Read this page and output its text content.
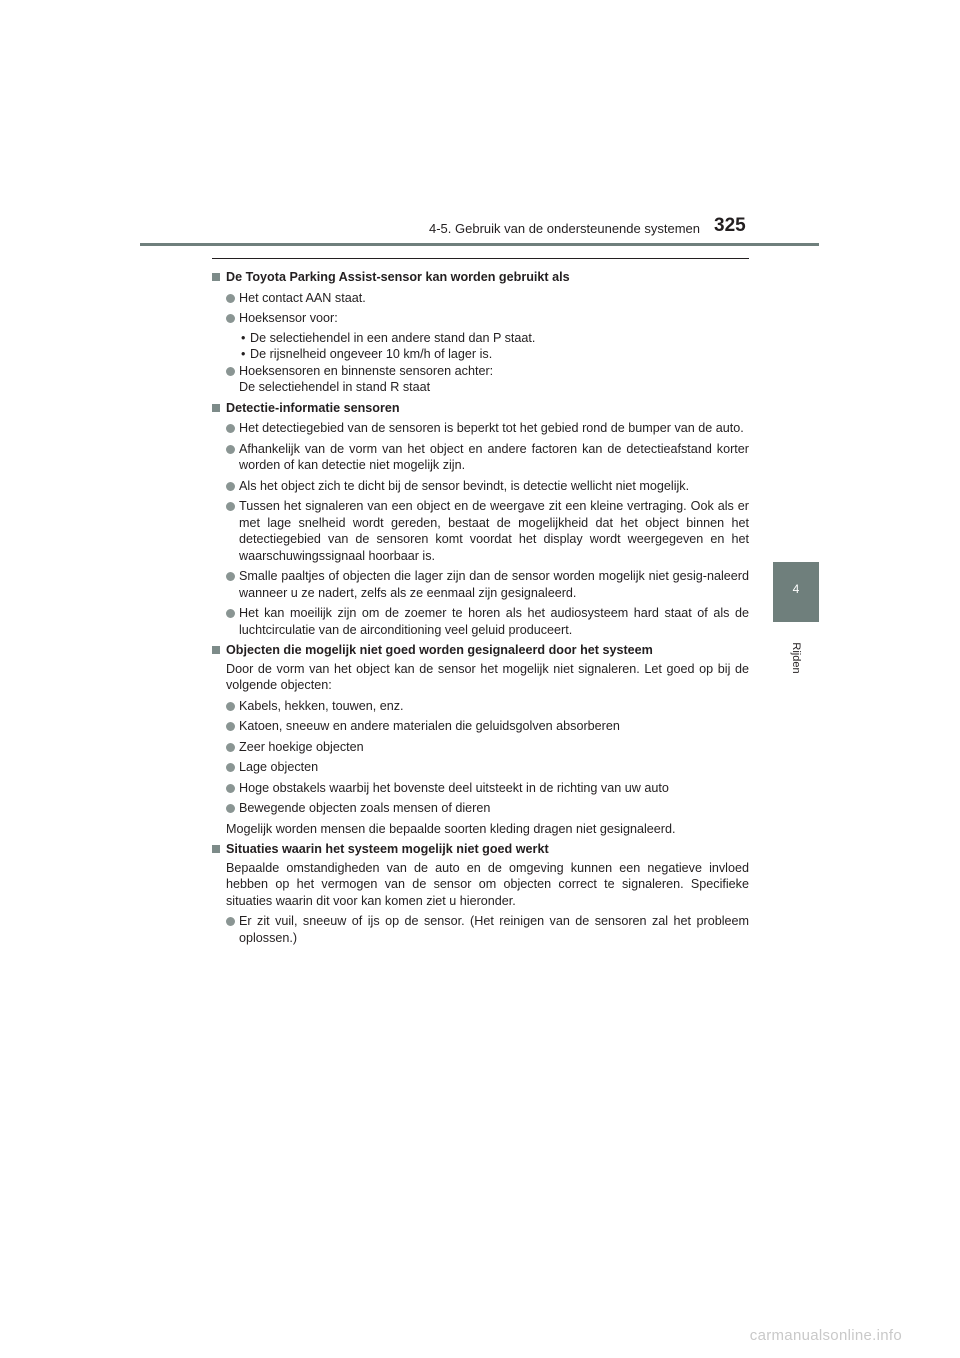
4-5. Gebruik van de ondersteunende systemen 325
4
Rijden
De Toyota Parking Assist-sensor kan worden gebruikt als
Het contact AAN staat.
Hoeksensor voor:
• De selectiehendel in een andere stand dan P staat.
• De rijsnelheid ongeveer 10 km/h of lager is.
Hoeksensoren en binnenste sensoren achter:
De selectiehendel in stand R staat
Detectie-informatie sensoren
Het detectiegebied van de sensoren is beperkt tot het gebied rond de bumper van de auto.
Afhankelijk van de vorm van het object en andere factoren kan de detectieafstand korter worden of kan detectie niet mogelijk zijn.
Als het object zich te dicht bij de sensor bevindt, is detectie wellicht niet mogelijk.
Tussen het signaleren van een object en de weergave zit een kleine vertraging. Ook als er met lage snelheid wordt gereden, bestaat de mogelijkheid dat het object binnen het detectiegebied van de sensoren komt voordat het display wordt weergegeven en het waarschuwingssignaal hoorbaar is.
Smalle paaltjes of objecten die lager zijn dan de sensor worden mogelijk niet gesig-naleerd wanneer u ze nadert, zelfs als ze eenmaal zijn gesignaleerd.
Het kan moeilijk zijn om de zoemer te horen als het audiosysteem hard staat of als de luchtcirculatie van de airconditioning veel geluid produceert.
Objecten die mogelijk niet goed worden gesignaleerd door het systeem
Door de vorm van het object kan de sensor het mogelijk niet signaleren. Let goed op bij de volgende objecten:
Kabels, hekken, touwen, enz.
Katoen, sneeuw en andere materialen die geluidsgolven absorberen
Zeer hoekige objecten
Lage objecten
Hoge obstakels waarbij het bovenste deel uitsteekt in de richting van uw auto
Bewegende objecten zoals mensen of dieren
Mogelijk worden mensen die bepaalde soorten kleding dragen niet gesignaleerd.
Situaties waarin het systeem mogelijk niet goed werkt
Bepaalde omstandigheden van de auto en de omgeving kunnen een negatieve invloed hebben op het vermogen van de sensor om objecten correct te signaleren. Specifieke situaties waarin dit voor kan komen ziet u hieronder.
Er zit vuil, sneeuw of ijs op de sensor. (Het reinigen van de sensoren zal het probleem oplossen.)
carmanualsonline.info
